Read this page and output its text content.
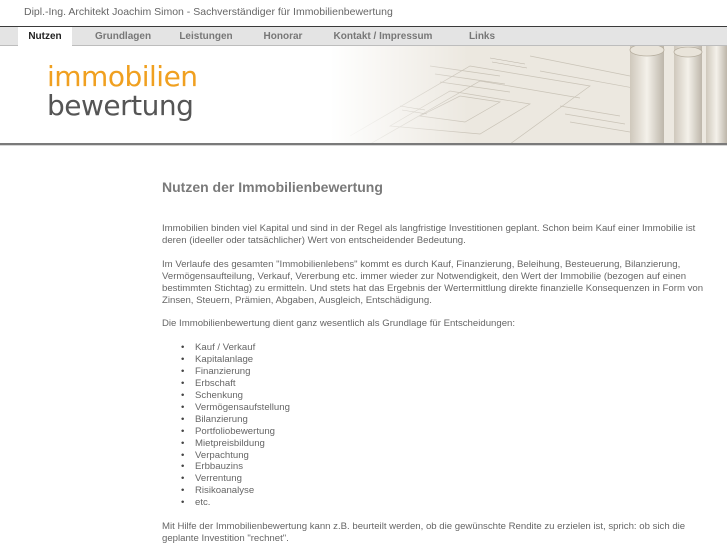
Dipl.-Ing. Architekt Joachim Simon - Sachverständiger für Immobilienbewertung
Nutzen	Grundlagen	Leistungen	Honorar	Kontakt / Impressum	Links
immobilien
bewertung
Nutzen der Immobilienbewertung

Immobilien binden viel Kapital und sind in der Regel als langfristige Investitionen geplant. Schon beim Kauf einer Immobilie ist deren (ideeller oder tatsächlicher) Wert von entscheidender Bedeutung.

Im Verlaufe des gesamten "Immobilienlebens" kommt es durch Kauf, Finanzierung, Beleihung, Besteuerung, Bilanzierung, Vermögensaufteilung, Verkauf, Vererbung etc. immer wieder zur Notwendigkeit, den Wert der Immobilie (bezogen auf einen bestimmten Stichtag) zu ermitteln. Und stets hat das Ergebnis der Wertermittlung direkte finanzielle Konsequenzen in Form von Zinsen, Steuern, Prämien, Abgaben, Ausgleich, Entschädigung.

Die Immobilienbewertung dient ganz wesentlich als Grundlage für Entscheidungen:

• Kauf / Verkauf
• Kapitalanlage
• Finanzierung
• Erbschaft
• Schenkung
• Vermögensaufstellung
• Bilanzierung
• Portfoliobewertung
• Mietpreisbildung
• Verpachtung
• Erbbauzins
• Verrentung
• Risikoanalyse
• etc.

Mit Hilfe der Immobilienbewertung kann z.B. beurteilt werden, ob die gewünschte Rendite zu erzielen ist, sprich: ob sich die geplante Investition "rechnet".
